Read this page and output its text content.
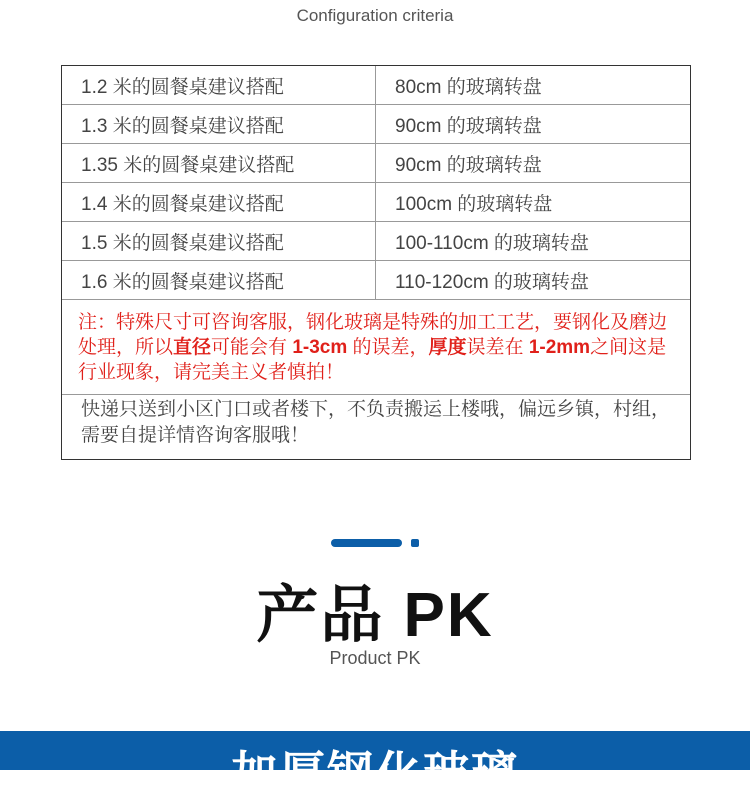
Configuration criteria
1.2 米的圆餐桌建议搭配	80cm 的玻璃转盘
1.3 米的圆餐桌建议搭配	90cm 的玻璃转盘
1.35 米的圆餐桌建议搭配	90cm 的玻璃转盘
1.4 米的圆餐桌建议搭配	100cm 的玻璃转盘
1.5 米的圆餐桌建议搭配	100-110cm 的玻璃转盘
1.6 米的圆餐桌建议搭配	110-120cm 的玻璃转盘
注：特殊尺寸可咨询客服，钢化玻璃是特殊的加工工艺，要钢化及磨边处理，所以直径可能会有 1-3cm 的误差，厚度误差在 1-2mm之间这是行业现象，请完美主义者慎拍！
快递只送到小区门口或者楼下，不负责搬运上楼哦，偏远乡镇，村组，需要自提详情咨询客服哦！
产品 PK
Product PK
加厚钢化玻璃
